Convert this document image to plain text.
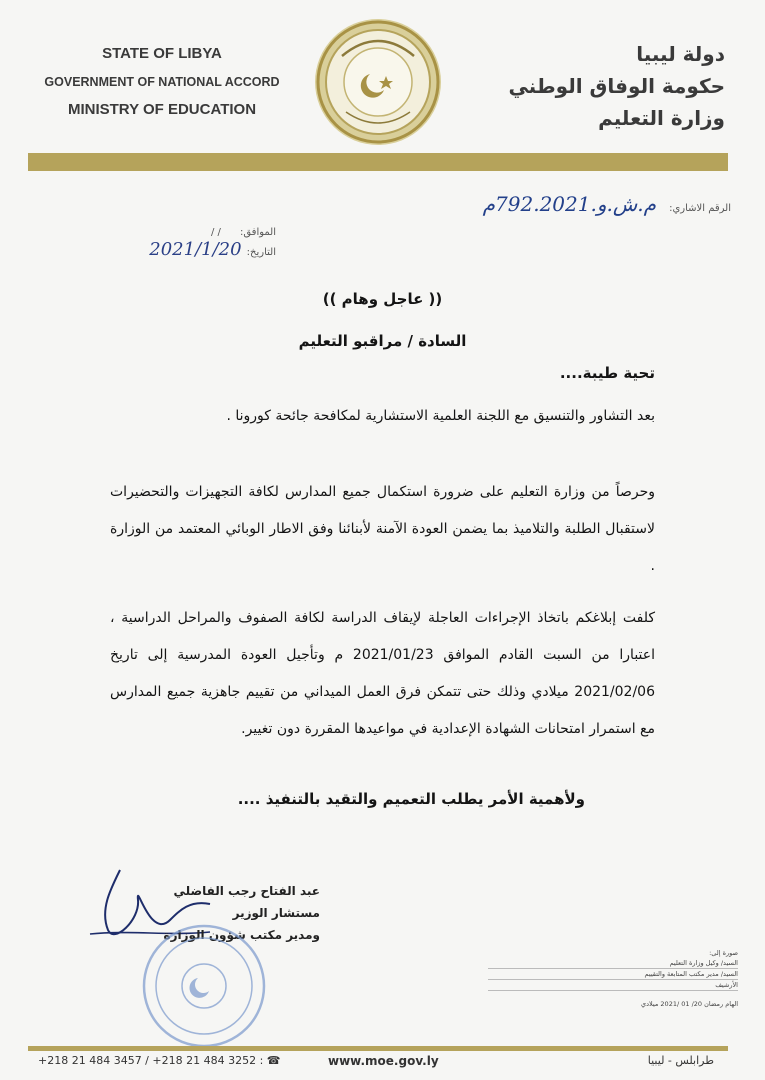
STATE OF LIBYA
GOVERNMENT OF NATIONAL ACCORD
MINISTRY OF EDUCATION
دولة ليبيا
حكومة الوفاق الوطني
وزارة التعليم
الرقم الاشاري: م.ش.و.792.2021م
الموافق: / /
التاريخ: 2021/1/20
(( عاجل وهام ))
السادة / مراقبو التعليم
تحية طيبة....
بعد التشاور والتنسيق مع اللجنة العلمية الاستشارية لمكافحة جائحة كورونا .
وحرصاً من وزارة التعليم على ضرورة استكمال جميع المدارس لكافة التجهيزات والتحضيرات لاستقبال الطلبة والتلاميذ بما يضمن العودة الآمنة لأبنائنا وفق الاطار الوبائي المعتمد من الوزارة .
كلفت إبلاغكم باتخاذ الإجراءات العاجلة لإيقاف الدراسة لكافة الصفوف والمراحل الدراسية ، اعتبارا من السبت القادم الموافق 2021/01/23 م وتأجيل العودة المدرسية إلى تاريخ 2021/02/06 ميلادي وذلك حتى تتمكن فرق العمل الميداني من تقييم جاهزية جميع المدارس مع استمرار امتحانات الشهادة الإعدادية في مواعيدها المقررة دون تغيير.
ولأهمية الأمر يطلب التعميم والتقيد بالتنفيذ ....
عبد الفتاح رجب الفاضلي
مستشار الوزير
ومدير مكتب شؤون الوزارة
صورة إلى:
السيد/ وكيل وزارة التعليم
السيد/ مدير مكتب المتابعة والتقييم
الأرشيف
الهام رمضان 20/ 01 /2021 ميلادي
+218 21 484 3457 / +218 21 484 3252 : ☎	www.moe.gov.ly	طرابلس - ليبيا
